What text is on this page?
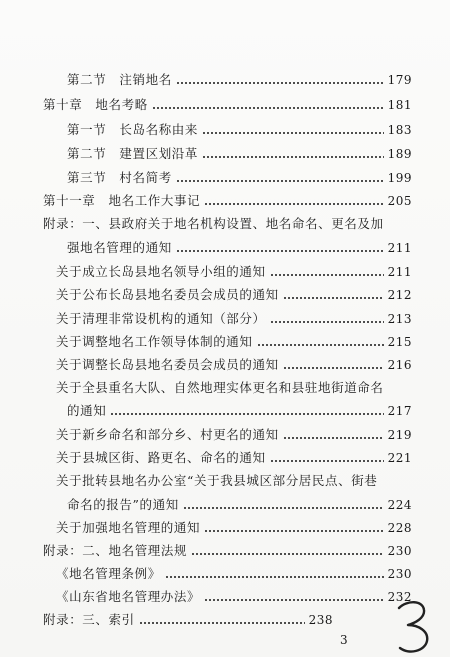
第二节　注销地名	179
第十章　地名考略	181
第一节　长岛名称由来	183
第二节　建置区划沿革	189
第三节　村名简考	199
第十一章　地名工作大事记	205
附录：一、县政府关于地名机构设置、地名命名、更名及加
强地名管理的通知	211
关于成立长岛县地名领导小组的通知	211
关于公布长岛县地名委员会成员的通知	212
关于清理非常设机构的通知（部分）	213
关于调整地名工作领导体制的通知	215
关于调整长岛县地名委员会成员的通知	216
关于全县重名大队、自然地理实体更名和县驻地街道命名
的通知	217
关于新乡命名和部分乡、村更名的通知	219
关于县城区街、路更名、命名的通知	221
关于批转县地名办公室“关于我县城区部分居民点、街巷
命名的报告”的通知	224
关于加强地名管理的通知	228
附录：二、地名管理法规	230
《地名管理条例》	230
《山东省地名管理办法》	232
附录：三、索引	238
3
